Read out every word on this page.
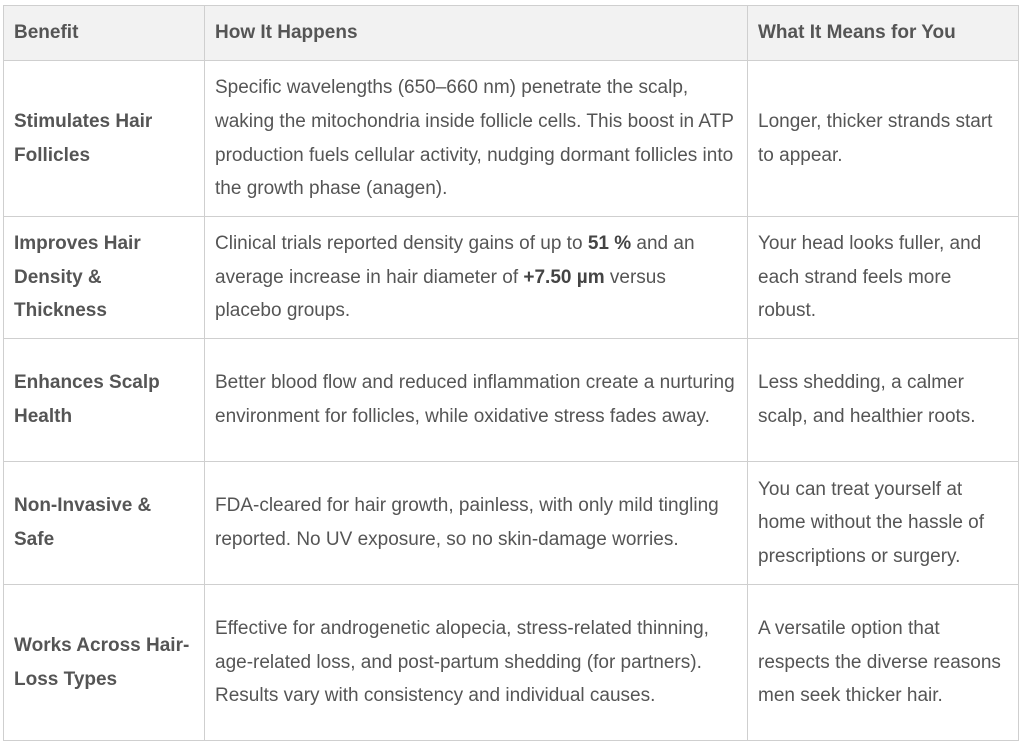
Benefit	How It Happens	What It Means for You
Stimulates Hair Follicles	Specific wavelengths (650–660 nm) penetrate the scalp, waking the mitochondria inside follicle cells. This boost in ATP production fuels cellular activity, nudging dormant follicles into the growth phase (anagen).	Longer, thicker strands start to appear.
Improves Hair Density & Thickness	Clinical trials reported density gains of up to 51 % and an average increase in hair diameter of +7.50 µm versus placebo groups.	Your head looks fuller, and each strand feels more robust.
Enhances Scalp Health	Better blood flow and reduced inflammation create a nurturing environment for follicles, while oxidative stress fades away.	Less shedding, a calmer scalp, and healthier roots.
Non-Invasive & Safe	FDA-cleared for hair growth, painless, with only mild tingling reported. No UV exposure, so no skin-damage worries.	You can treat yourself at home without the hassle of prescriptions or surgery.
Works Across Hair-Loss Types	Effective for androgenetic alopecia, stress-related thinning, age-related loss, and post-partum shedding (for partners). Results vary with consistency and individual causes.	A versatile option that respects the diverse reasons men seek thicker hair.
